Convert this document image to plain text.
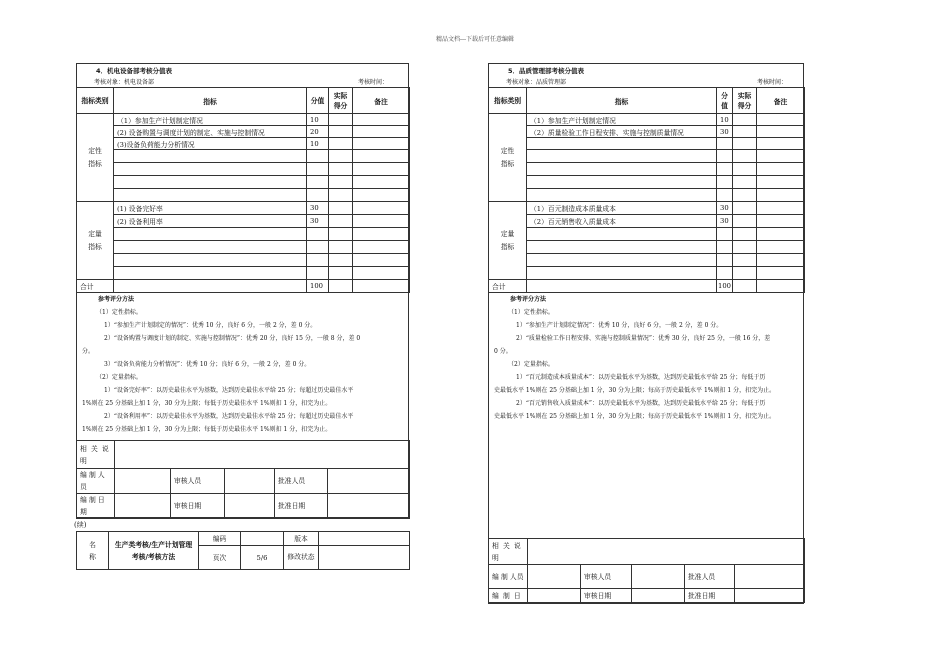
精品文档---下载后可任意编辑
4．机电设备部考核分值表
考核对象：机电设备部	考核时间：
指标类别	指标	分值	实际得分	备注
定性指标	（1）参加生产计划制定情况	10		
	(2) 设备购置与调度计划的制定、实施与控制情况	20		
	(3)设备负荷能力分析情况	10		

定量指标	(1) 设备完好率	30		
	(2) 设备利用率	30		

合计		100		

参考评分方法

（1）定性指标。

1）“参加生产计划制定的情况”：优秀 10 分，良好 6 分，一般 2 分，差 0 分。

2）“设备购置与调度计划的制定、实施与控制情况”：优秀 20 分，良好 15 分，一般 8 分，差 0

分。

3）“设备负荷能力分析情况”：优秀 10 分；良好 6 分，一般 2 分，差 0 分。

（2）定量指标。

1）“设备完好率”：以历史最佳水平为基数，达到历史最佳水平给 25 分；每超过历史最佳水平

1%则在 25 分基础上加 1 分，30 分为上限；每低于历史最佳水平 1%则扣 1 分，扣完为止。

2）“设备利用率”：以历史最佳水平为基数，达到历史最佳水平给 25 分；每超过历史最佳水平

1%则在 25 分基础上加 1 分，30 分为上限；每低于历史最佳水平 1%则扣 1 分，扣完为止。

相 关 说明					
编 制 人员		审核人员		批准人员	
编 制 日期		审核日期		批准日期	
(续)
名称	生产类考核/生产计划管理考核/考核方法	编码		版本	
		页次	5/6	修改状态	
5．品质管理部考核分值表
考核对象：品质管理部	考核时间：
指标类别	指标	分值	实际得分	备注
定性指标	（1）参加生产计划制定情况	10		
	（2）质量检验工作日程安排、实施与控制质量情况	30		

定量指标	（1）百元制造成本质量成本	30		
	（2）百元销售收入质量成本	30		

合计		100		

参考评分方法

（1）定性指标。

1）“参加生产计划制定情况”：优秀 10 分，良好 6 分，一般 2 分，差 0 分。

2）“质量检验工作日程安排、实施与控制质量情况”：优秀 30 分，良好 25 分，一般 16 分，差

0 分。

（2）定量指标。

1）“百元制造成本质量成本”：以历史最低水平为基数，达到历史最低水平给 25 分；每低于历

史最低水平 1%则在 25 分基础上加 1 分，30 分为上限；每高于历史最低水平 1%则扣 1 分，扣完为止。

2）“百元销售收入质量成本”：以历史最低水平为基数，达到历史最低水平给 25 分；每低于历

史最低水平 1%则在 25 分基础上加 1 分，30 分为上限；每高于历史最低水平 1%则扣 1 分，扣完为止。

相 关 说明					
编 制 人员		审核人员		批准人员	
编 制 日		审核日期		批准日期	
